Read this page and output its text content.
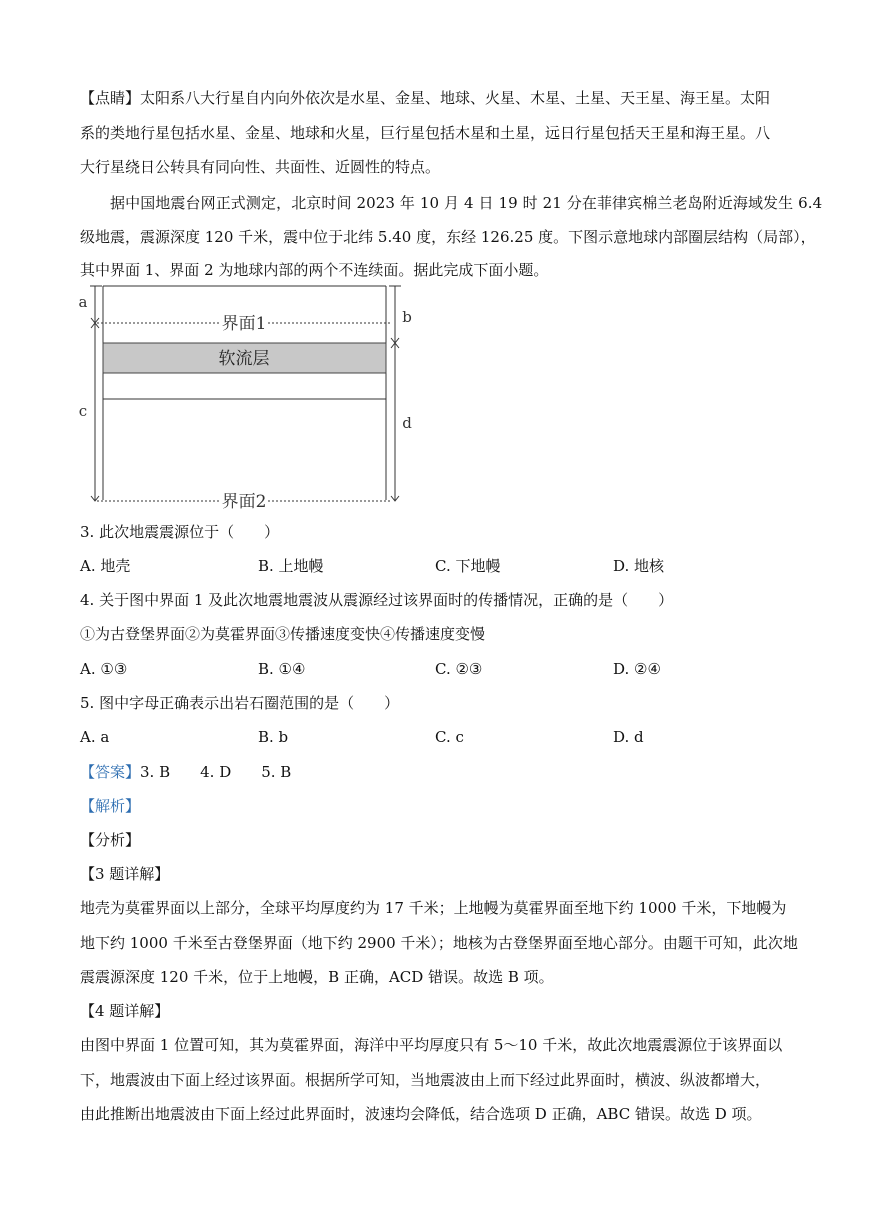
【点睛】太阳系八大行星自内向外依次是水星、金星、地球、火星、木星、土星、天王星、海王星。太阳
系的类地行星包括水星、金星、地球和火星，巨行星包括木星和土星，远日行星包括天王星和海王星。八
大行星绕日公转具有同向性、共面性、近圆性的特点。
据中国地震台网正式测定，北京时间 2023 年 10 月 4 日 19 时 21 分在菲律宾棉兰老岛附近海域发生 6.4
级地震，震源深度 120 千米，震中位于北纬 5.40 度，东经 126.25 度。下图示意地球内部圈层结构（局部），
其中界面 1、界面 2 为地球内部的两个不连续面。据此完成下面小题。
界面1
软流层
界面2
a
c
b
d
3. 此次地震震源位于（　　）
A. 地壳	B. 上地幔	C. 下地幔	D. 地核
4. 关于图中界面 1 及此次地震地震波从震源经过该界面时的传播情况，正确的是（　　）
①为古登堡界面②为莫霍界面③传播速度变快④传播速度变慢
A. ①③	B. ①④	C. ②③	D. ②④
5. 图中字母正确表示出岩石圈范围的是（　　）
A. a	B. b	C. c	D. d
【答案】3. B　　4. D　　5. B
【解析】
【分析】
【3 题详解】
地壳为莫霍界面以上部分，全球平均厚度约为 17 千米；上地幔为莫霍界面至地下约 1000 千米，下地幔为
地下约 1000 千米至古登堡界面（地下约 2900 千米）；地核为古登堡界面至地心部分。由题干可知，此次地
震震源深度 120 千米，位于上地幔，B 正确，ACD 错误。故选 B 项。
【4 题详解】
由图中界面 1 位置可知，其为莫霍界面，海洋中平均厚度只有 5～10 千米，故此次地震震源位于该界面以
下，地震波由下面上经过该界面。根据所学可知，当地震波由上而下经过此界面时，横波、纵波都增大，
由此推断出地震波由下面上经过此界面时，波速均会降低，结合选项 D 正确，ABC 错误。故选 D 项。
